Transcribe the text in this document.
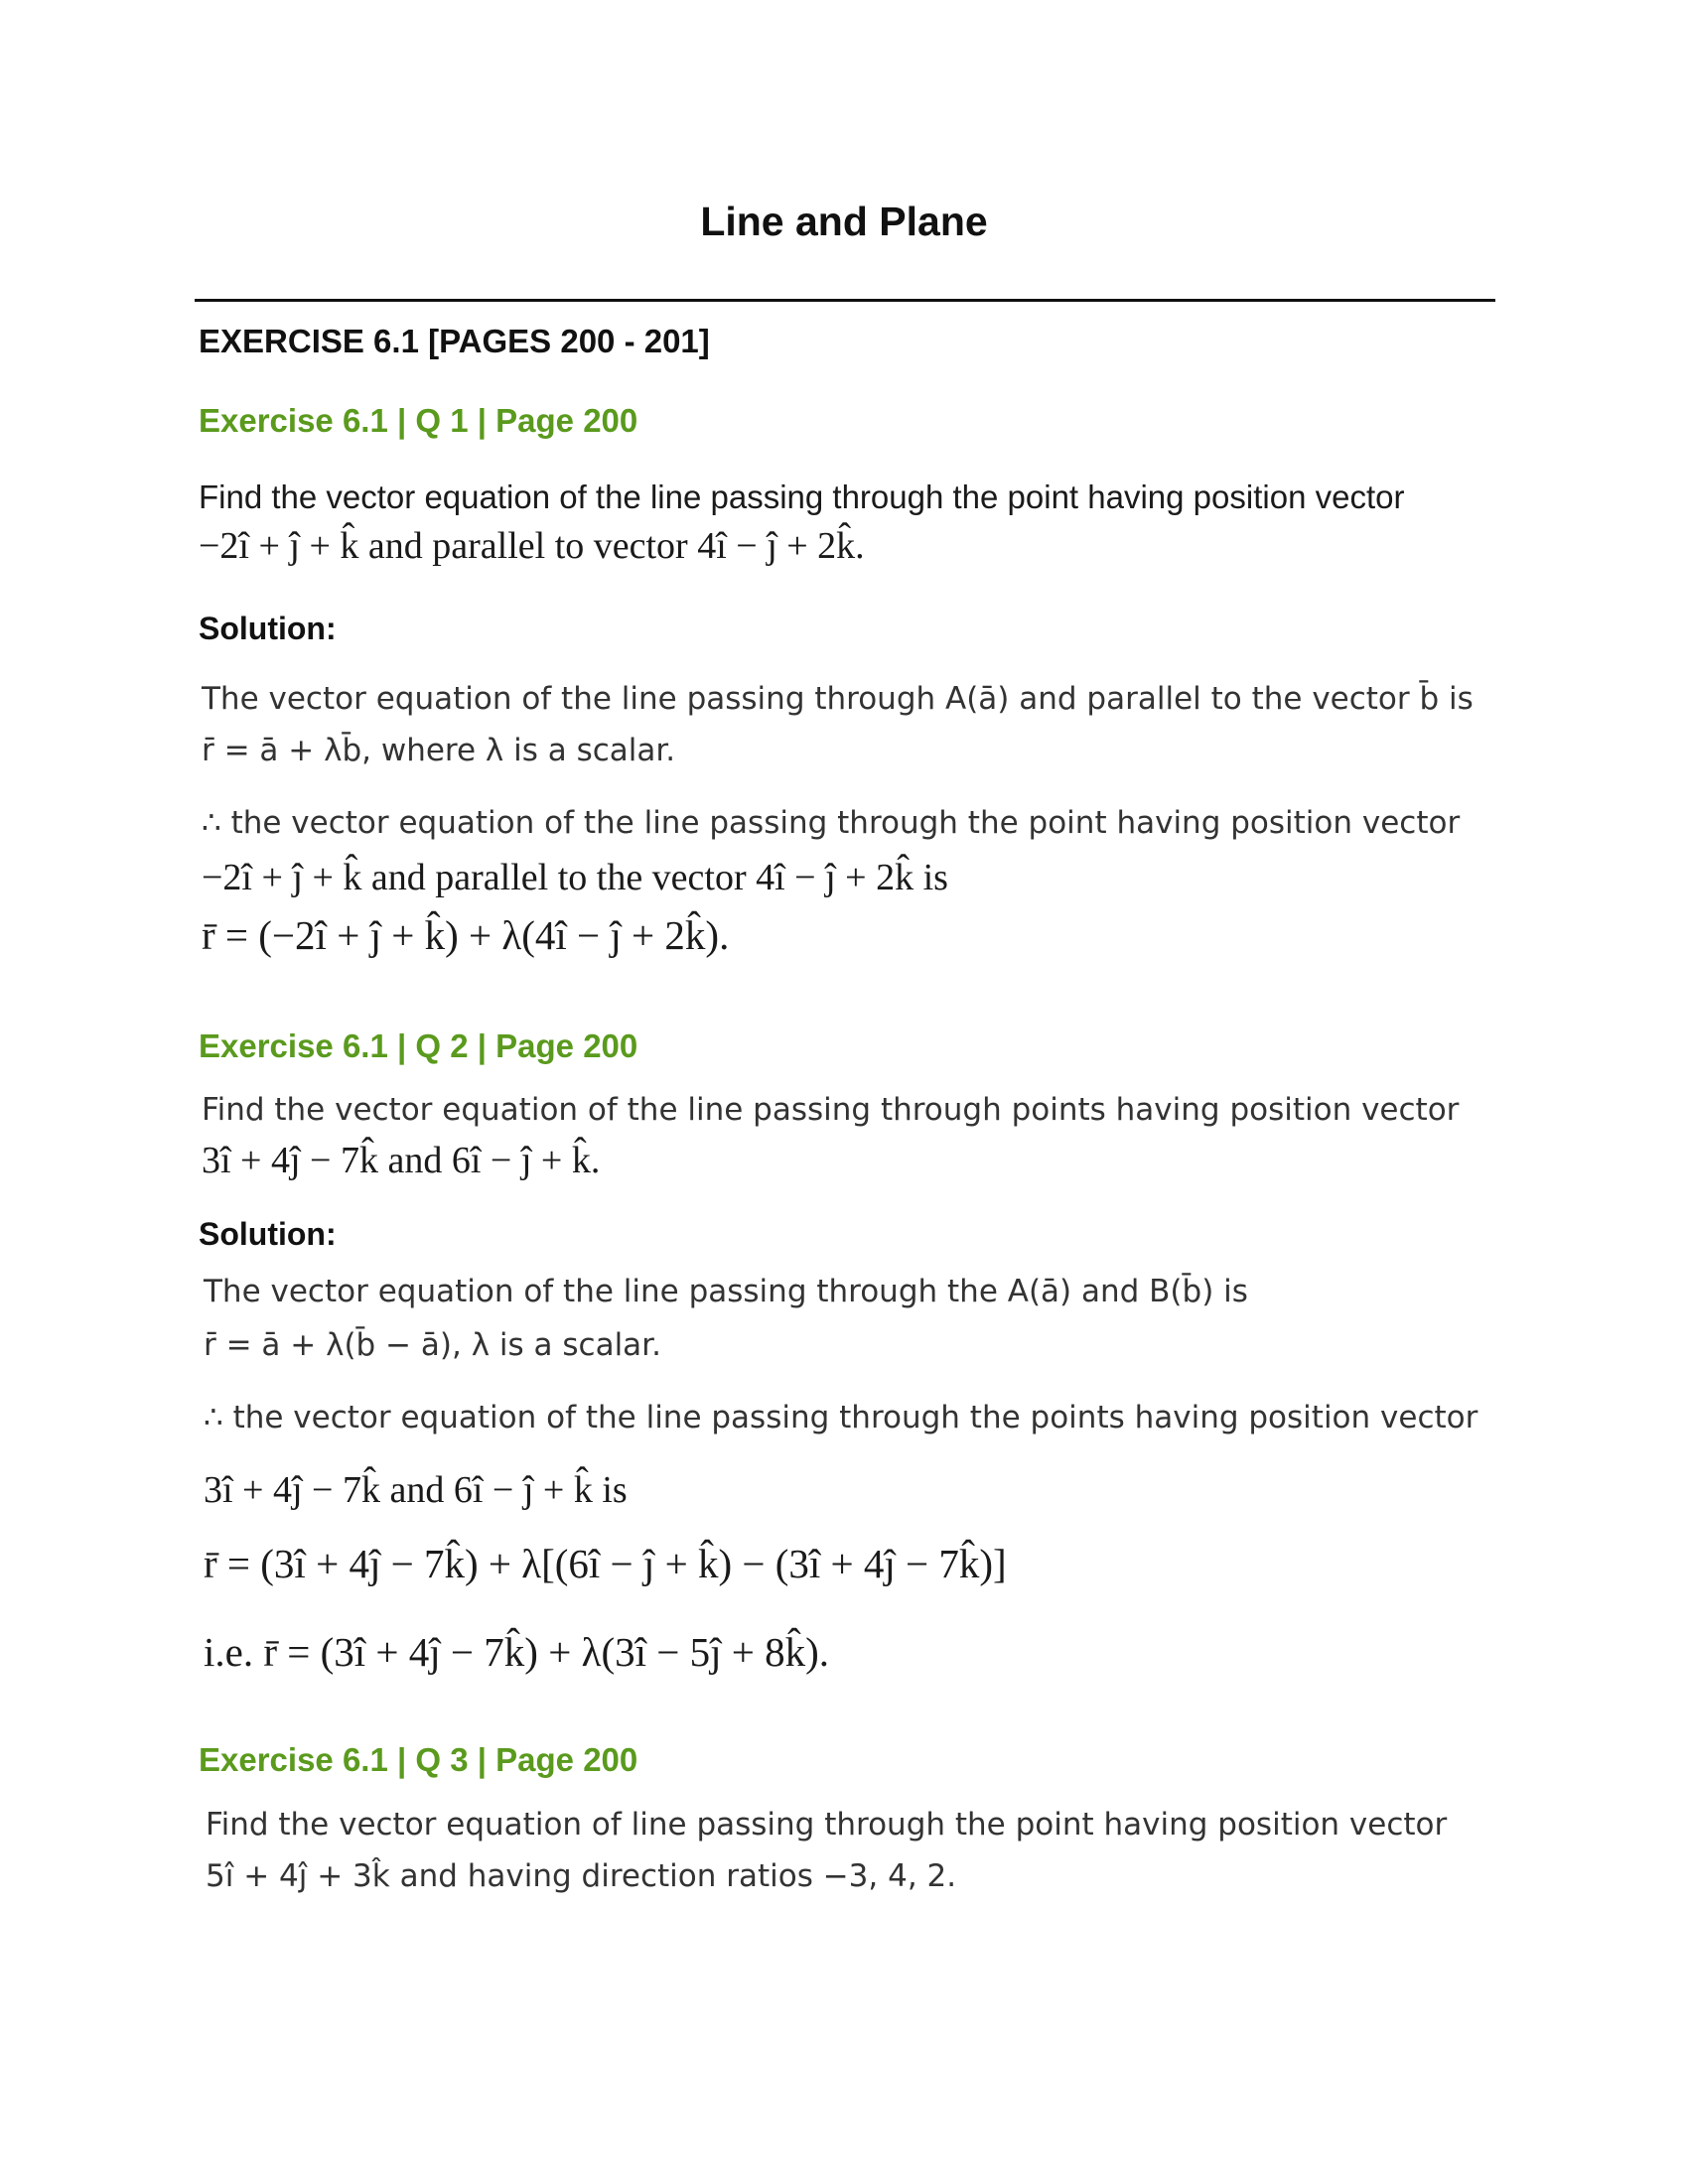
Line and Plane
EXERCISE 6.1 [PAGES 200 - 201]
Exercise 6.1 | Q 1 | Page 200
Find the vector equation of the line passing through the point having position vector
−2î + ĵ + k̂ and parallel to vector 4î − ĵ + 2k̂.
Solution:
The vector equation of the line passing through A(ā) and parallel to the vector b̄ is
r̄ = ā + λb̄, where λ is a scalar.
∴ the vector equation of the line passing through the point having position vector
−2î + ĵ + k̂ and parallel to the vector 4î − ĵ + 2k̂ is
r̄ = (−2î + ĵ + k̂) + λ(4î − ĵ + 2k̂).
Exercise 6.1 | Q 2 | Page 200
Find the vector equation of the line passing through points having position vector
3î + 4ĵ − 7k̂ and 6î − ĵ + k̂.
Solution:
The vector equation of the line passing through the A(ā) and B(b̄) is
r̄ = ā + λ(b̄ − ā), λ is a scalar.
∴ the vector equation of the line passing through the points having position vector
3î + 4ĵ − 7k̂ and 6î − ĵ + k̂ is
r̄ = (3î + 4ĵ − 7k̂) + λ[(6î − ĵ + k̂) − (3î + 4ĵ − 7k̂)]
i.e. r̄ = (3î + 4ĵ − 7k̂) + λ(3î − 5ĵ + 8k̂).
Exercise 6.1 | Q 3 | Page 200
Find the vector equation of line passing through the point having position vector
5î + 4ĵ + 3k̂ and having direction ratios −3, 4, 2.
